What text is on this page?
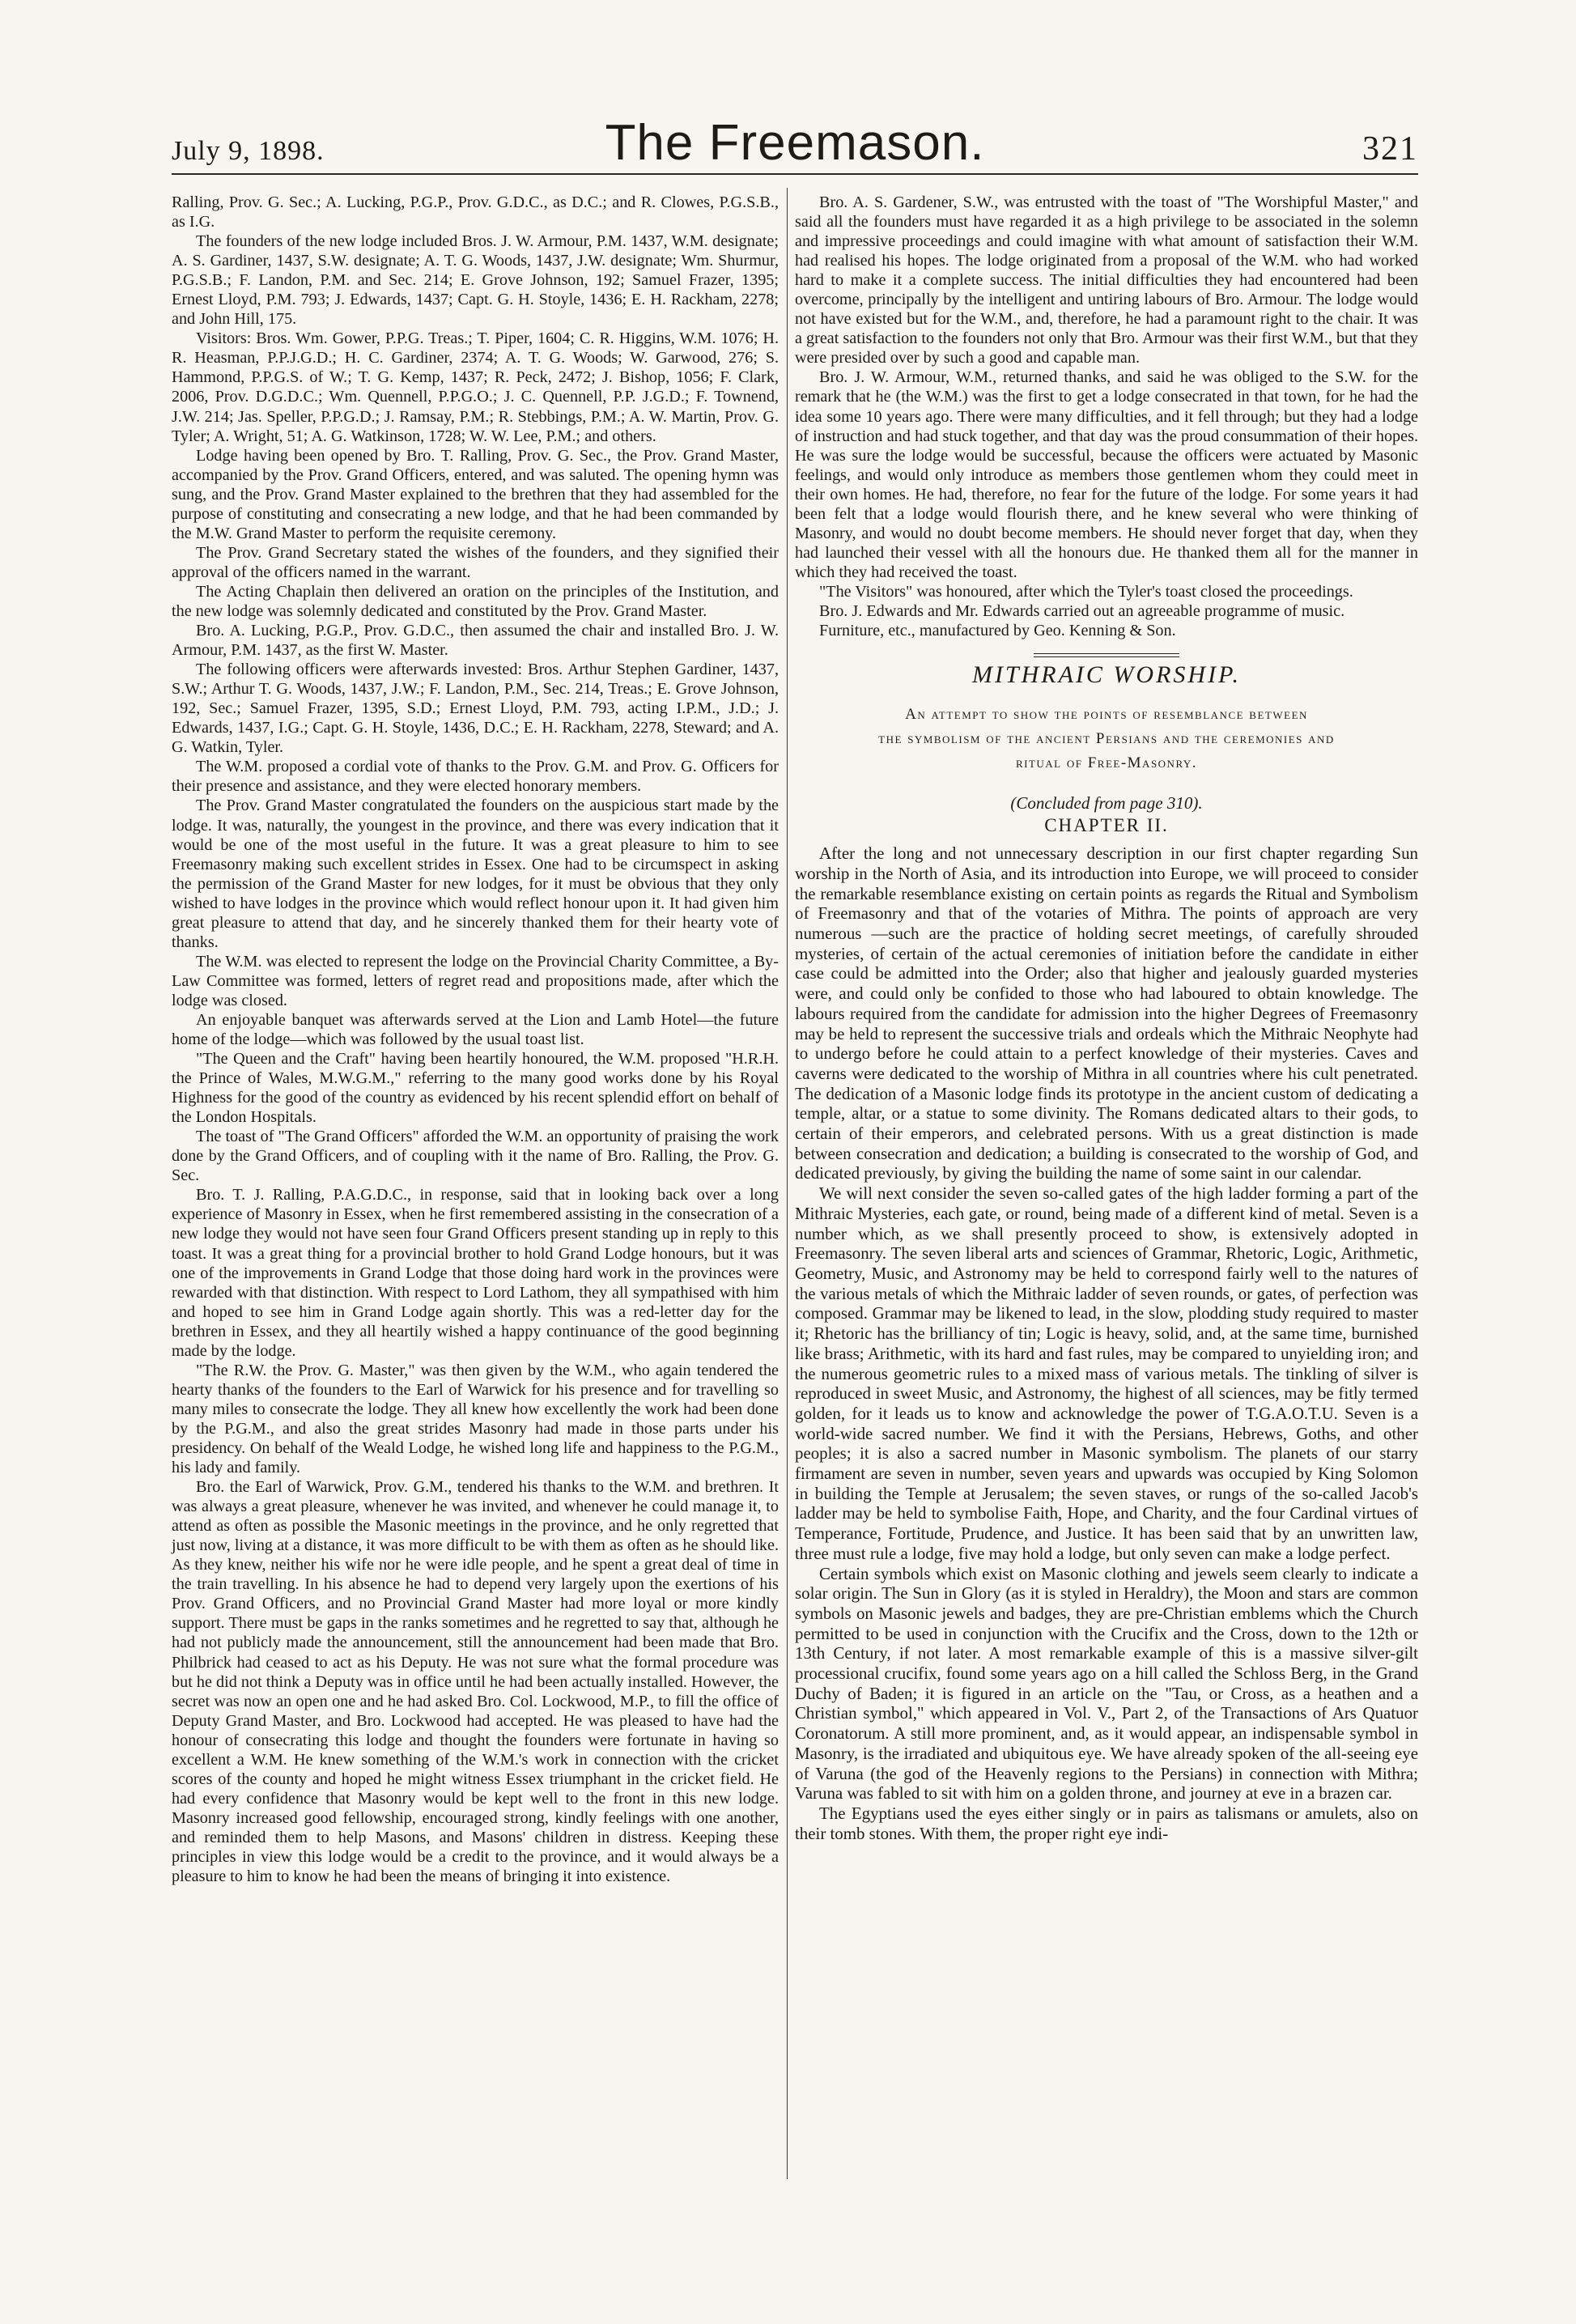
July 9, 1898.	The Freemason.	321

Ralling, Prov. G. Sec.; A. Lucking, P.G.P., Prov. G.D.C., as D.C.; and R. Clowes, P.G.S.B., as I.G.

The founders of the new lodge included Bros. J. W. Armour, P.M. 1437, W.M. designate; A. S. Gardiner, 1437, S.W. designate; A. T. G. Woods, 1437, J.W. designate; Wm. Shurmur, P.G.S.B.; F. Landon, P.M. and Sec. 214; E. Grove Johnson, 192; Samuel Frazer, 1395; Ernest Lloyd, P.M. 793; J. Edwards, 1437; Capt. G. H. Stoyle, 1436; E. H. Rackham, 2278; and John Hill, 175.

Visitors: Bros. Wm. Gower, P.P.G. Treas.; T. Piper, 1604; C. R. Higgins, W.M. 1076; H. R. Heasman, P.P.J.G.D.; H. C. Gardiner, 2374; A. T. G. Woods; W. Garwood, 276; S. Hammond, P.P.G.S. of W.; T. G. Kemp, 1437; R. Peck, 2472; J. Bishop, 1056; F. Clark, 2006, Prov. D.G.D.C.; Wm. Quennell, P.P.G.O.; J. C. Quennell, P.P. J.G.D.; F. Townend, J.W. 214; Jas. Speller, P.P.G.D.; J. Ramsay, P.M.; R. Stebbings, P.M.; A. W. Martin, Prov. G. Tyler; A. Wright, 51; A. G. Watkinson, 1728; W. W. Lee, P.M.; and others.

Lodge having been opened by Bro. T. Ralling, Prov. G. Sec., the Prov. Grand Master, accompanied by the Prov. Grand Officers, entered, and was saluted. The opening hymn was sung, and the Prov. Grand Master explained to the brethren that they had assembled for the purpose of constituting and consecrating a new lodge, and that he had been commanded by the M.W. Grand Master to perform the requisite ceremony.

The Prov. Grand Secretary stated the wishes of the founders, and they signified their approval of the officers named in the warrant.

The Acting Chaplain then delivered an oration on the principles of the Institution, and the new lodge was solemnly dedicated and constituted by the Prov. Grand Master.

Bro. A. Lucking, P.G.P., Prov. G.D.C., then assumed the chair and installed Bro. J. W. Armour, P.M. 1437, as the first W. Master.

The following officers were afterwards invested: Bros. Arthur Stephen Gardiner, 1437, S.W.; Arthur T. G. Woods, 1437, J.W.; F. Landon, P.M., Sec. 214, Treas.; E. Grove Johnson, 192, Sec.; Samuel Frazer, 1395, S.D.; Ernest Lloyd, P.M. 793, acting I.P.M., J.D.; J. Edwards, 1437, I.G.; Capt. G. H. Stoyle, 1436, D.C.; E. H. Rackham, 2278, Steward; and A. G. Watkin, Tyler.

The W.M. proposed a cordial vote of thanks to the Prov. G.M. and Prov. G. Officers for their presence and assistance, and they were elected honorary members.

The Prov. Grand Master congratulated the founders on the auspicious start made by the lodge. It was, naturally, the youngest in the province, and there was every indication that it would be one of the most useful in the future. It was a great pleasure to him to see Freemasonry making such excellent strides in Essex. One had to be circumspect in asking the permission of the Grand Master for new lodges, for it must be obvious that they only wished to have lodges in the province which would reflect honour upon it. It had given him great pleasure to attend that day, and he sincerely thanked them for their hearty vote of thanks.

The W.M. was elected to represent the lodge on the Provincial Charity Committee, a By-Law Committee was formed, letters of regret read and propositions made, after which the lodge was closed.

An enjoyable banquet was afterwards served at the Lion and Lamb Hotel—the future home of the lodge—which was followed by the usual toast list.

"The Queen and the Craft" having been heartily honoured, the W.M. proposed "H.R.H. the Prince of Wales, M.W.G.M.," referring to the many good works done by his Royal Highness for the good of the country as evidenced by his recent splendid effort on behalf of the London Hospitals.

The toast of "The Grand Officers" afforded the W.M. an opportunity of praising the work done by the Grand Officers, and of coupling with it the name of Bro. Ralling, the Prov. G. Sec.

Bro. T. J. Ralling, P.A.G.D.C., in response, said that in looking back over a long experience of Masonry in Essex, when he first remembered assisting in the consecration of a new lodge they would not have seen four Grand Officers present standing up in reply to this toast. It was a great thing for a provincial brother to hold Grand Lodge honours, but it was one of the improvements in Grand Lodge that those doing hard work in the provinces were rewarded with that distinction. With respect to Lord Lathom, they all sympathised with him and hoped to see him in Grand Lodge again shortly. This was a red-letter day for the brethren in Essex, and they all heartily wished a happy continuance of the good beginning made by the lodge.

"The R.W. the Prov. G. Master," was then given by the W.M., who again tendered the hearty thanks of the founders to the Earl of Warwick for his presence and for travelling so many miles to consecrate the lodge. They all knew how excellently the work had been done by the P.G.M., and also the great strides Masonry had made in those parts under his presidency. On behalf of the Weald Lodge, he wished long life and happiness to the P.G.M., his lady and family.

Bro. the Earl of Warwick, Prov. G.M., tendered his thanks to the W.M. and brethren. It was always a great pleasure, whenever he was invited, and whenever he could manage it, to attend as often as possible the Masonic meetings in the province, and he only regretted that just now, living at a distance, it was more difficult to be with them as often as he should like. As they knew, neither his wife nor he were idle people, and he spent a great deal of time in the train travelling. In his absence he had to depend very largely upon the exertions of his Prov. Grand Officers, and no Provincial Grand Master had more loyal or more kindly support. There must be gaps in the ranks sometimes and he regretted to say that, although he had not publicly made the announcement, still the announcement had been made that Bro. Philbrick had ceased to act as his Deputy. He was not sure what the formal procedure was but he did not think a Deputy was in office until he had been actually installed. However, the secret was now an open one and he had asked Bro. Col. Lockwood, M.P., to fill the office of Deputy Grand Master, and Bro. Lockwood had accepted. He was pleased to have had the honour of consecrating this lodge and thought the founders were fortunate in having so excellent a W.M. He knew something of the W.M.'s work in connection with the cricket scores of the county and hoped he might witness Essex triumphant in the cricket field. He had every confidence that Masonry would be kept well to the front in this new lodge. Masonry increased good fellowship, encouraged strong, kindly feelings with one another, and reminded them to help Masons, and Masons' children in distress. Keeping these principles in view this lodge would be a credit to the province, and it would always be a pleasure to him to know he had been the means of bringing it into existence.

Bro. A. S. Gardener, S.W., was entrusted with the toast of "The Worshipful Master," and said all the founders must have regarded it as a high privilege to be associated in the solemn and impressive proceedings and could imagine with what amount of satisfaction their W.M. had realised his hopes. The lodge originated from a proposal of the W.M. who had worked hard to make it a complete success. The initial difficulties they had encountered had been overcome, principally by the intelligent and untiring labours of Bro. Armour. The lodge would not have existed but for the W.M., and, therefore, he had a paramount right to the chair. It was a great satisfaction to the founders not only that Bro. Armour was their first W.M., but that they were presided over by such a good and capable man.

Bro. J. W. Armour, W.M., returned thanks, and said he was obliged to the S.W. for the remark that he (the W.M.) was the first to get a lodge consecrated in that town, for he had the idea some 10 years ago. There were many difficulties, and it fell through; but they had a lodge of instruction and had stuck together, and that day was the proud consummation of their hopes. He was sure the lodge would be successful, because the officers were actuated by Masonic feelings, and would only introduce as members those gentlemen whom they could meet in their own homes. He had, therefore, no fear for the future of the lodge. For some years it had been felt that a lodge would flourish there, and he knew several who were thinking of Masonry, and would no doubt become members. He should never forget that day, when they had launched their vessel with all the honours due. He thanked them all for the manner in which they had received the toast.

"The Visitors" was honoured, after which the Tyler's toast closed the proceedings.

Bro. J. Edwards and Mr. Edwards carried out an agreeable programme of music.

Furniture, etc., manufactured by Geo. Kenning & Son.

MITHRAIC WORSHIP.
An attempt to show the points of resemblance between
the symbolism of the ancient Persians and the ceremonies and
ritual of Free-Masonry.
(Concluded from page 310).
CHAPTER II.

After the long and not unnecessary description in our first chapter regarding Sun worship in the North of Asia, and its introduction into Europe, we will proceed to consider the remarkable resemblance existing on certain points as regards the Ritual and Symbolism of Freemasonry and that of the votaries of Mithra. The points of approach are very numerous —such are the practice of holding secret meetings, of carefully shrouded mysteries, of certain of the actual ceremonies of initiation before the candidate in either case could be admitted into the Order; also that higher and jealously guarded mysteries were, and could only be confided to those who had laboured to obtain knowledge. The labours required from the candidate for admission into the higher Degrees of Freemasonry may be held to represent the successive trials and ordeals which the Mithraic Neophyte had to undergo before he could attain to a perfect knowledge of their mysteries. Caves and caverns were dedicated to the worship of Mithra in all countries where his cult penetrated. The dedication of a Masonic lodge finds its prototype in the ancient custom of dedicating a temple, altar, or a statue to some divinity. The Romans dedicated altars to their gods, to certain of their emperors, and celebrated persons. With us a great distinction is made between consecration and dedication; a building is consecrated to the worship of God, and dedicated previously, by giving the building the name of some saint in our calendar.

We will next consider the seven so-called gates of the high ladder forming a part of the Mithraic Mysteries, each gate, or round, being made of a different kind of metal. Seven is a number which, as we shall presently proceed to show, is extensively adopted in Freemasonry. The seven liberal arts and sciences of Grammar, Rhetoric, Logic, Arithmetic, Geometry, Music, and Astronomy may be held to correspond fairly well to the natures of the various metals of which the Mithraic ladder of seven rounds, or gates, of perfection was composed. Grammar may be likened to lead, in the slow, plodding study required to master it; Rhetoric has the brilliancy of tin; Logic is heavy, solid, and, at the same time, burnished like brass; Arithmetic, with its hard and fast rules, may be compared to unyielding iron; and the numerous geometric rules to a mixed mass of various metals. The tinkling of silver is reproduced in sweet Music, and Astronomy, the highest of all sciences, may be fitly termed golden, for it leads us to know and acknowledge the power of T.G.A.O.T.U. Seven is a world-wide sacred number. We find it with the Persians, Hebrews, Goths, and other peoples; it is also a sacred number in Masonic symbolism. The planets of our starry firmament are seven in number, seven years and upwards was occupied by King Solomon in building the Temple at Jerusalem; the seven staves, or rungs of the so-called Jacob's ladder may be held to symbolise Faith, Hope, and Charity, and the four Cardinal virtues of Temperance, Fortitude, Prudence, and Justice. It has been said that by an unwritten law, three must rule a lodge, five may hold a lodge, but only seven can make a lodge perfect.

Certain symbols which exist on Masonic clothing and jewels seem clearly to indicate a solar origin. The Sun in Glory (as it is styled in Heraldry), the Moon and stars are common symbols on Masonic jewels and badges, they are pre-Christian emblems which the Church permitted to be used in conjunction with the Crucifix and the Cross, down to the 12th or 13th Century, if not later. A most remarkable example of this is a massive silver-gilt processional crucifix, found some years ago on a hill called the Schloss Berg, in the Grand Duchy of Baden; it is figured in an article on the "Tau, or Cross, as a heathen and a Christian symbol," which appeared in Vol. V., Part 2, of the Transactions of Ars Quatuor Coronatorum. A still more prominent, and, as it would appear, an indispensable symbol in Masonry, is the irradiated and ubiquitous eye. We have already spoken of the all-seeing eye of Varuna (the god of the Heavenly regions to the Persians) in connection with Mithra; Varuna was fabled to sit with him on a golden throne, and journey at eve in a brazen car.

The Egyptians used the eyes either singly or in pairs as talismans or amulets, also on their tomb stones. With them, the proper right eye indi-
